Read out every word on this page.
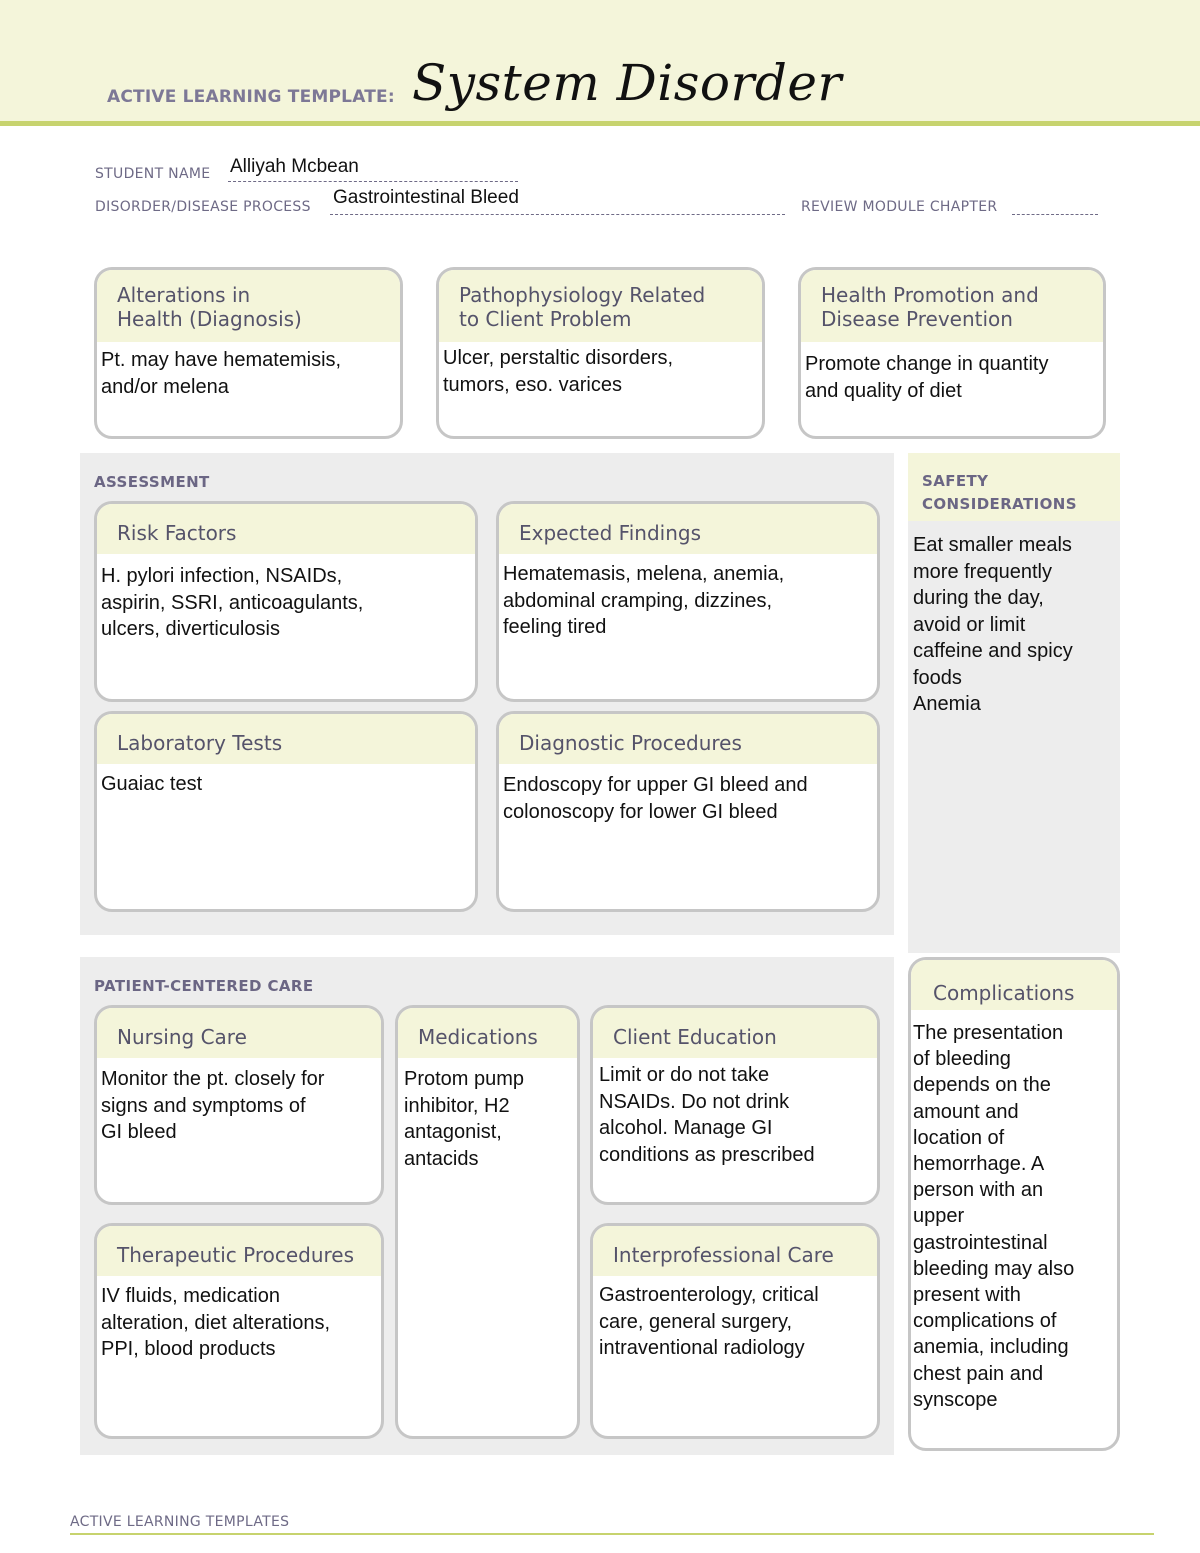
ACTIVE LEARNING TEMPLATE: System Disorder
STUDENT NAME Alliyah Mcbean
DISORDER/DISEASE PROCESS Gastrointestinal Bleed	REVIEW MODULE CHAPTER
Alterations in
Health (Diagnosis)
Pt. may have hematemisis,
and/or melena
Pathophysiology Related
to Client Problem
Ulcer, perstaltic disorders,
tumors, eso. varices
Health Promotion and
Disease Prevention
Promote change in quantity
and quality of diet
ASSESSMENT
Risk Factors
H. pylori infection, NSAIDs,
aspirin, SSRI, anticoagulants,
ulcers, diverticulosis
Expected Findings
Hematemasis, melena, anemia,
abdominal cramping, dizzines,
feeling tired
Laboratory Tests
Guaiac test
Diagnostic Procedures
Endoscopy for upper GI bleed and
colonoscopy for lower GI bleed
SAFETY
CONSIDERATIONS
Eat smaller meals
more frequently
during the day,
avoid or limit
caffeine and spicy
foods
Anemia
PATIENT-CENTERED CARE
Nursing Care
Monitor the pt. closely for
signs and symptoms of
GI bleed
Medications
Protom pump
inhibitor, H2
antagonist,
antacids
Client Education
Limit or do not take
NSAIDs. Do not drink
alcohol. Manage GI
conditions as prescribed
Therapeutic Procedures
IV fluids, medication
alteration, diet alterations,
PPI, blood products
Interprofessional Care
Gastroenterology, critical
care, general surgery,
intraventional radiology
Complications
The presentation
of bleeding
depends on the
amount and
location of
hemorrhage. A
person with an
upper
gastrointestinal
bleeding may also
present with
complications of
anemia, including
chest pain and
synscope
ACTIVE LEARNING TEMPLATES
